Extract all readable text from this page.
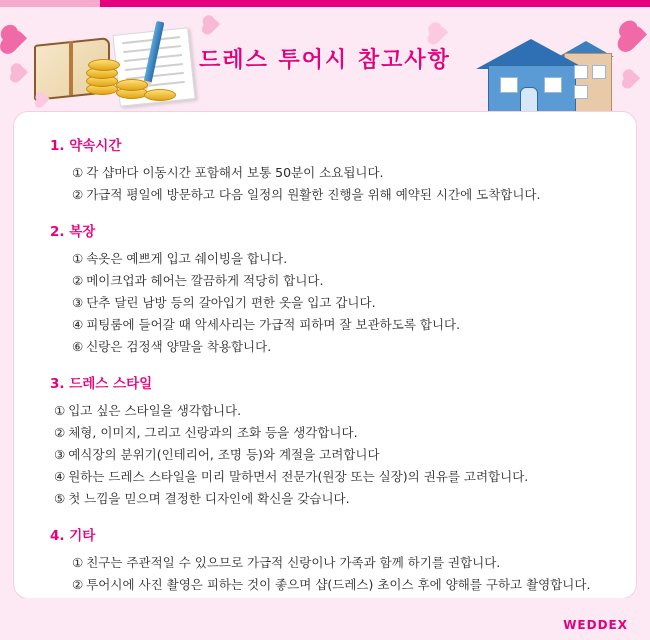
드레스 투어시 참고사항
1. 약속시간
① 각 샵마다 이동시간 포함해서 보통 50분이 소요됩니다.
② 가급적 평일에 방문하고 다음 일정의 원활한 진행을 위해 예약된 시간에 도착합니다.
2. 복장
① 속옷은 예쁘게 입고 쉐이빙을 합니다.
② 메이크업과 헤어는 깔끔하게 적당히 합니다.
③ 단추 달린 남방 등의 갈아입기 편한 옷을 입고 갑니다.
④ 피팅룸에 들어갈 때 악세사리는 가급적 피하며 잘 보관하도록 합니다.
⑥ 신랑은 검정색 양말을 착용합니다.
3. 드레스 스타일
① 입고 싶은 스타일을 생각합니다.
② 체형, 이미지, 그리고 신랑과의 조화 등을 생각합니다.
③ 예식장의 분위기(인테리어, 조명 등)와 계절을 고려합니다
④ 원하는 드레스 스타일을 미리 말하면서 전문가(원장 또는 실장)의 권유를 고려합니다.
⑤ 첫 느낌을 믿으며 결정한 디자인에 확신을 갖습니다.
4. 기타
① 친구는 주관적일 수 있으므로 가급적 신랑이나 가족과 함께 하기를 권합니다.
② 투어시에 사진 촬영은 피하는 것이 좋으며 샵(드레스) 초이스 후에 양해를 구하고 촬영합니다.
WEDDEX
